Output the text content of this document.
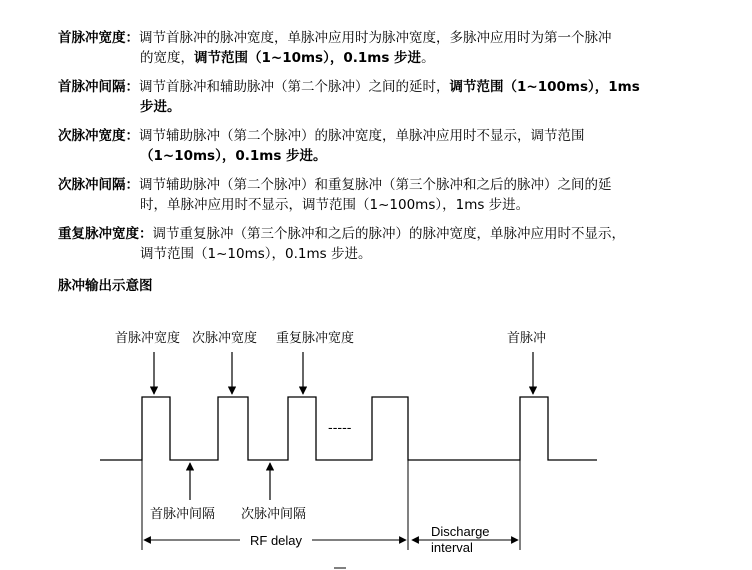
首脉冲宽度：调节首脉冲的脉冲宽度，单脉冲应用时为脉冲宽度，多脉冲应用时为第一个脉冲
的宽度，调节范围（1~10ms），0.1ms 步进。
首脉冲间隔：调节首脉冲和辅助脉冲（第二个脉冲）之间的延时，调节范围（1~100ms），1ms
步进。
次脉冲宽度：调节辅助脉冲（第二个脉冲）的脉冲宽度，单脉冲应用时不显示，调节范围
（1~10ms），0.1ms 步进。
次脉冲间隔：调节辅助脉冲（第二个脉冲）和重复脉冲（第三个脉冲和之后的脉冲）之间的延
时，单脉冲应用时不显示，调节范围（1~100ms），1ms 步进。
重复脉冲宽度：调节重复脉冲（第三个脉冲和之后的脉冲）的脉冲宽度，单脉冲应用时不显示，
调节范围（1~10ms），0.1ms 步进。
脉冲输出示意图
-----
首脉冲宽度 次脉冲宽度 重复脉冲宽度	首脉冲
首脉冲间隔 次脉冲间隔
RF delay
Discharge
interval
